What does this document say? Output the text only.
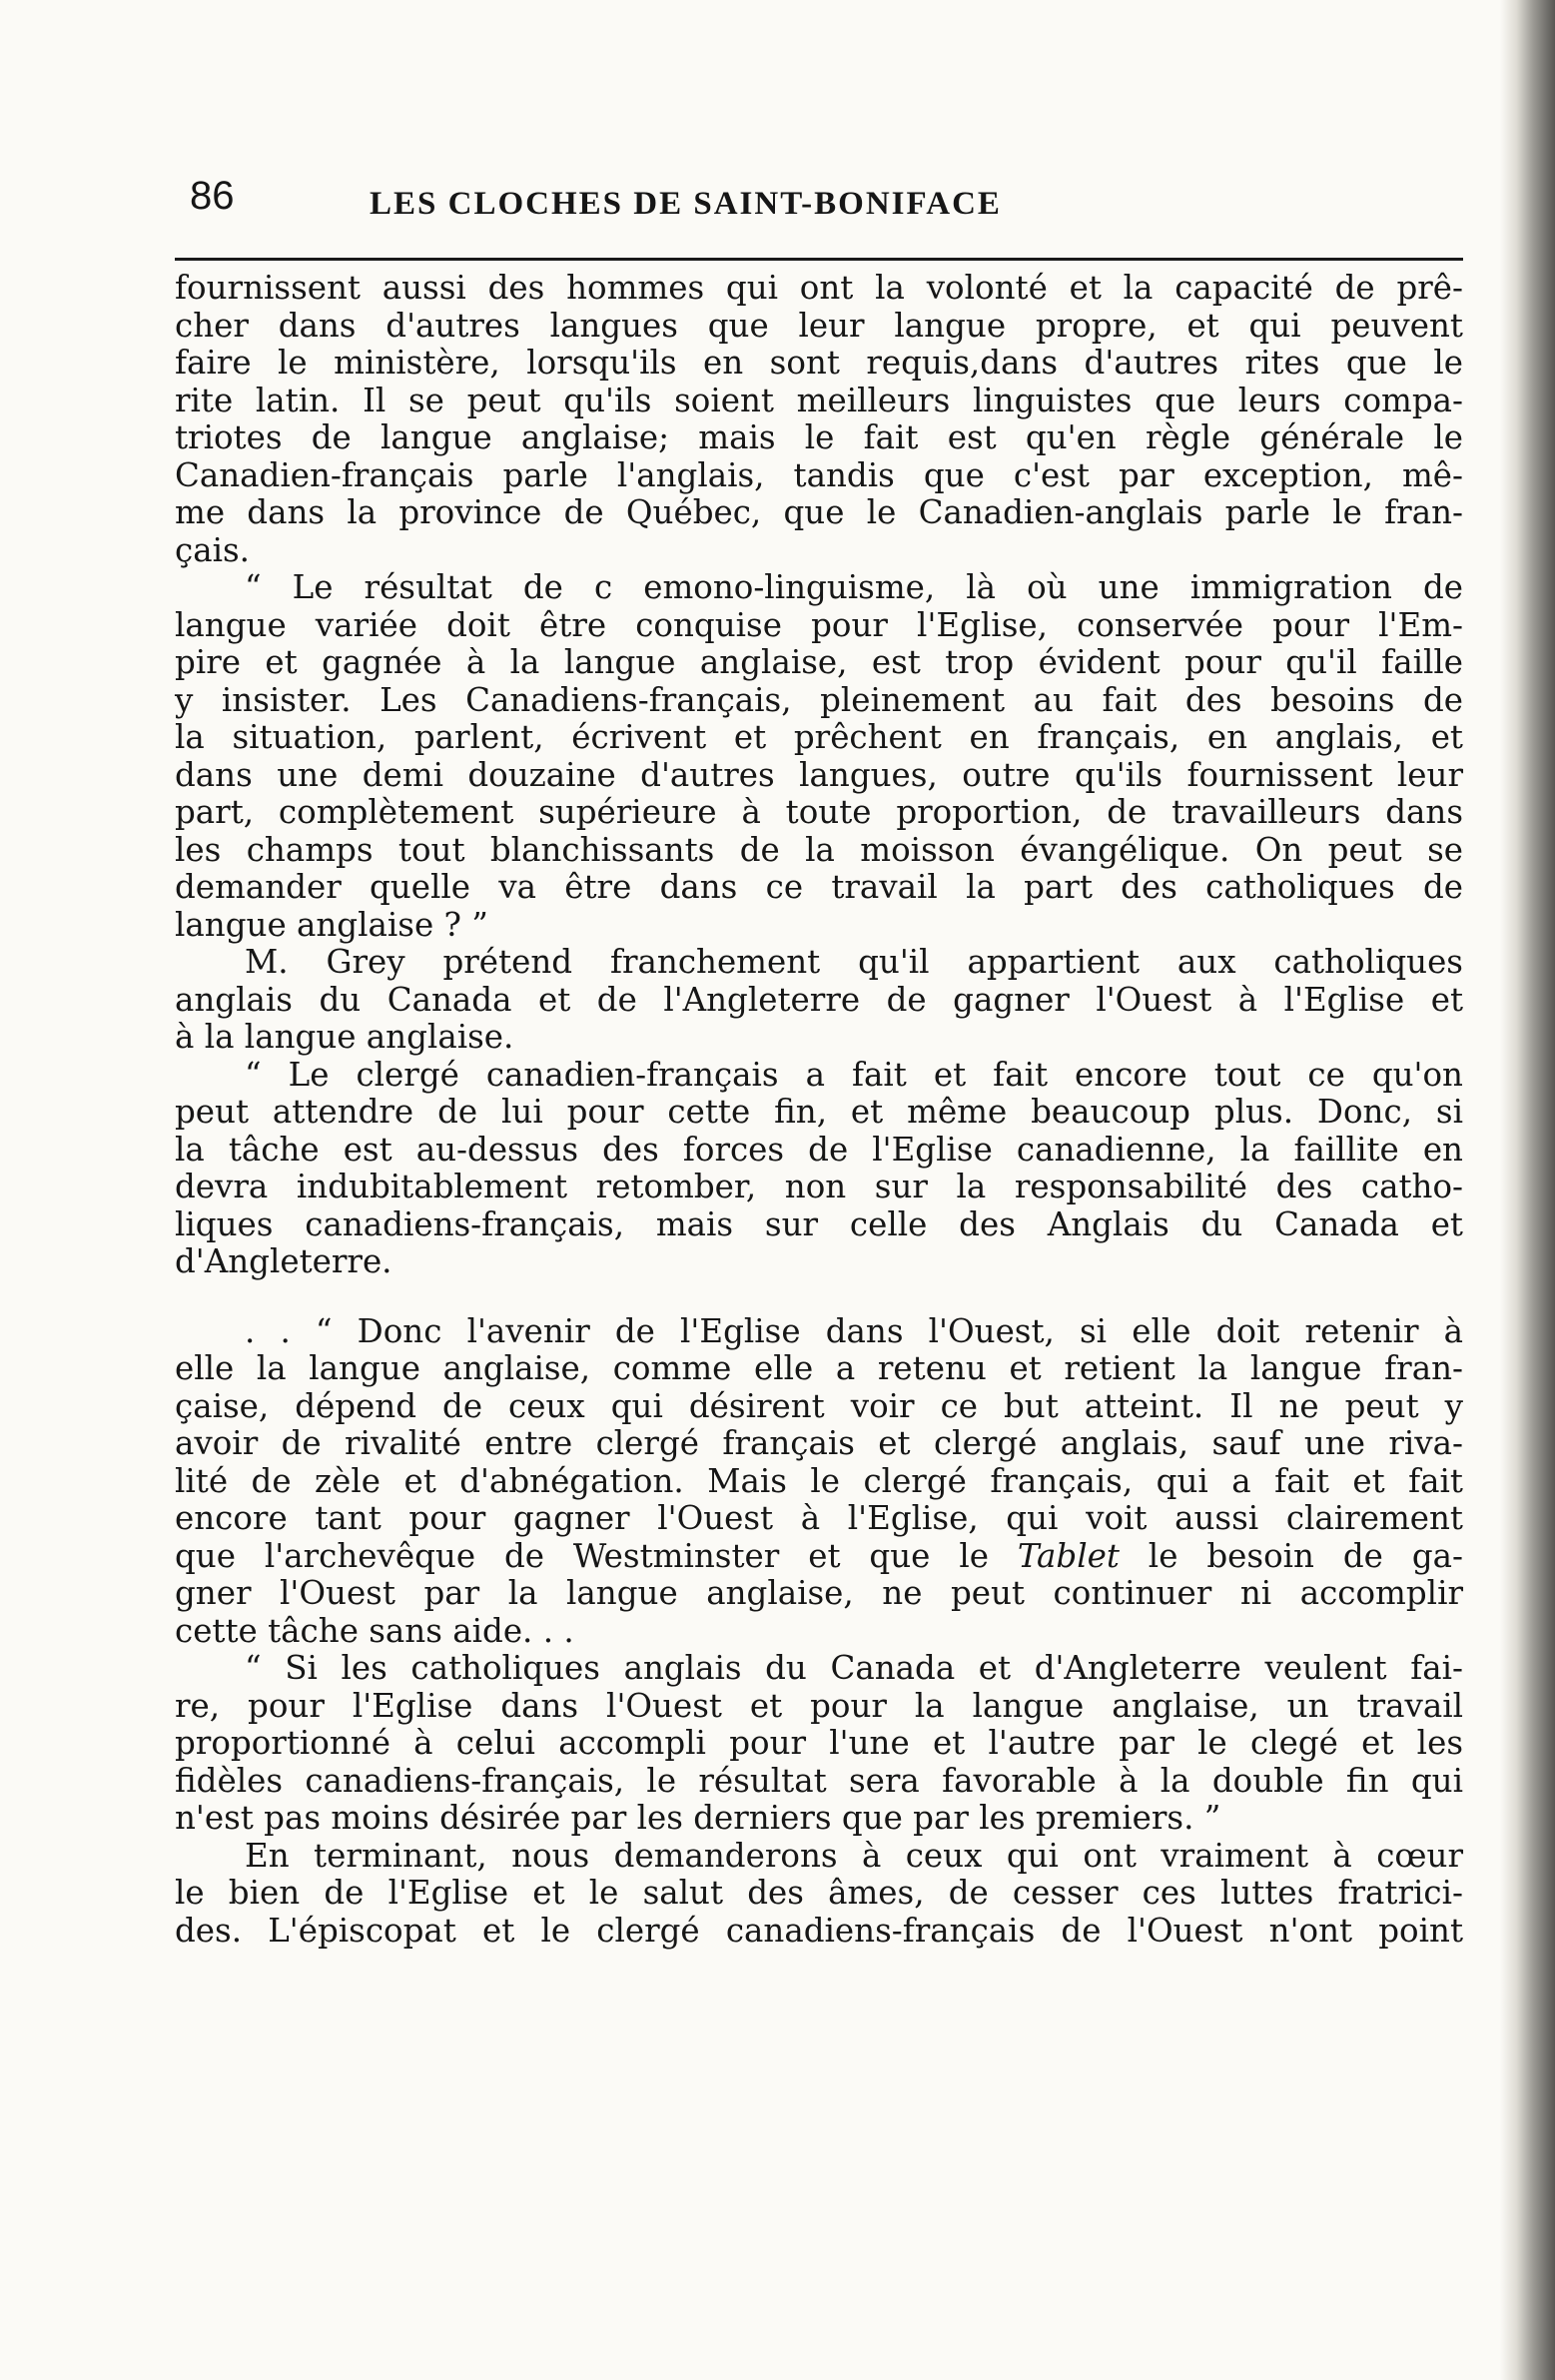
86	LES CLOCHES DE SAINT-BONIFACE
fournissent aussi des hommes qui ont la volonté et la capacité de prê-
cher dans d'autres langues que leur langue propre, et qui peuvent
faire le ministère, lorsqu'ils en sont requis,dans d'autres rites que le
rite latin. Il se peut qu'ils soient meilleurs linguistes que leurs compa-
triotes de langue anglaise; mais le fait est qu'en règle générale le
Canadien-français parle l'anglais, tandis que c'est par exception, mê-
me dans la province de Québec, que le Canadien-anglais parle le fran-
çais.
“ Le résultat de c emono-linguisme, là où une immigration de
langue variée doit être conquise pour l'Eglise, conservée pour l'Em-
pire et gagnée à la langue anglaise, est trop évident pour qu'il faille
y insister. Les Canadiens-français, pleinement au fait des besoins de
la situation, parlent, écrivent et prêchent en français, en anglais, et
dans une demi douzaine d'autres langues, outre qu'ils fournissent leur
part, complètement supérieure à toute proportion, de travailleurs dans
les champs tout blanchissants de la moisson évangélique. On peut se
demander quelle va être dans ce travail la part des catholiques de
langue anglaise ? ”
M. Grey prétend franchement qu'il appartient aux catholiques
anglais du Canada et de l'Angleterre de gagner l'Ouest à l'Eglise et
à la langue anglaise.
“ Le clergé canadien-français a fait et fait encore tout ce qu'on
peut attendre de lui pour cette fin, et même beaucoup plus. Donc, si
la tâche est au-dessus des forces de l'Eglise canadienne, la faillite en
devra indubitablement retomber, non sur la responsabilité des catho-
liques canadiens-français, mais sur celle des Anglais du Canada et
d'Angleterre.
. . “ Donc l'avenir de l'Eglise dans l'Ouest, si elle doit retenir à
elle la langue anglaise, comme elle a retenu et retient la langue fran-
çaise, dépend de ceux qui désirent voir ce but atteint. Il ne peut y
avoir de rivalité entre clergé français et clergé anglais, sauf une riva-
lité de zèle et d'abnégation. Mais le clergé français, qui a fait et fait
encore tant pour gagner l'Ouest à l'Eglise, qui voit aussi clairement
que l'archevêque de Westminster et que le Tablet le besoin de ga-
gner l'Ouest par la langue anglaise, ne peut continuer ni accomplir
cette tâche sans aide. . .
“ Si les catholiques anglais du Canada et d'Angleterre veulent fai-
re, pour l'Eglise dans l'Ouest et pour la langue anglaise, un travail
proportionné à celui accompli pour l'une et l'autre par le clegé et les
fidèles canadiens-français, le résultat sera favorable à la double fin qui
n'est pas moins désirée par les derniers que par les premiers. ”
En terminant, nous demanderons à ceux qui ont vraiment à cœur
le bien de l'Eglise et le salut des âmes, de cesser ces luttes fratrici-
des. L'épiscopat et le clergé canadiens-français de l'Ouest n'ont point
